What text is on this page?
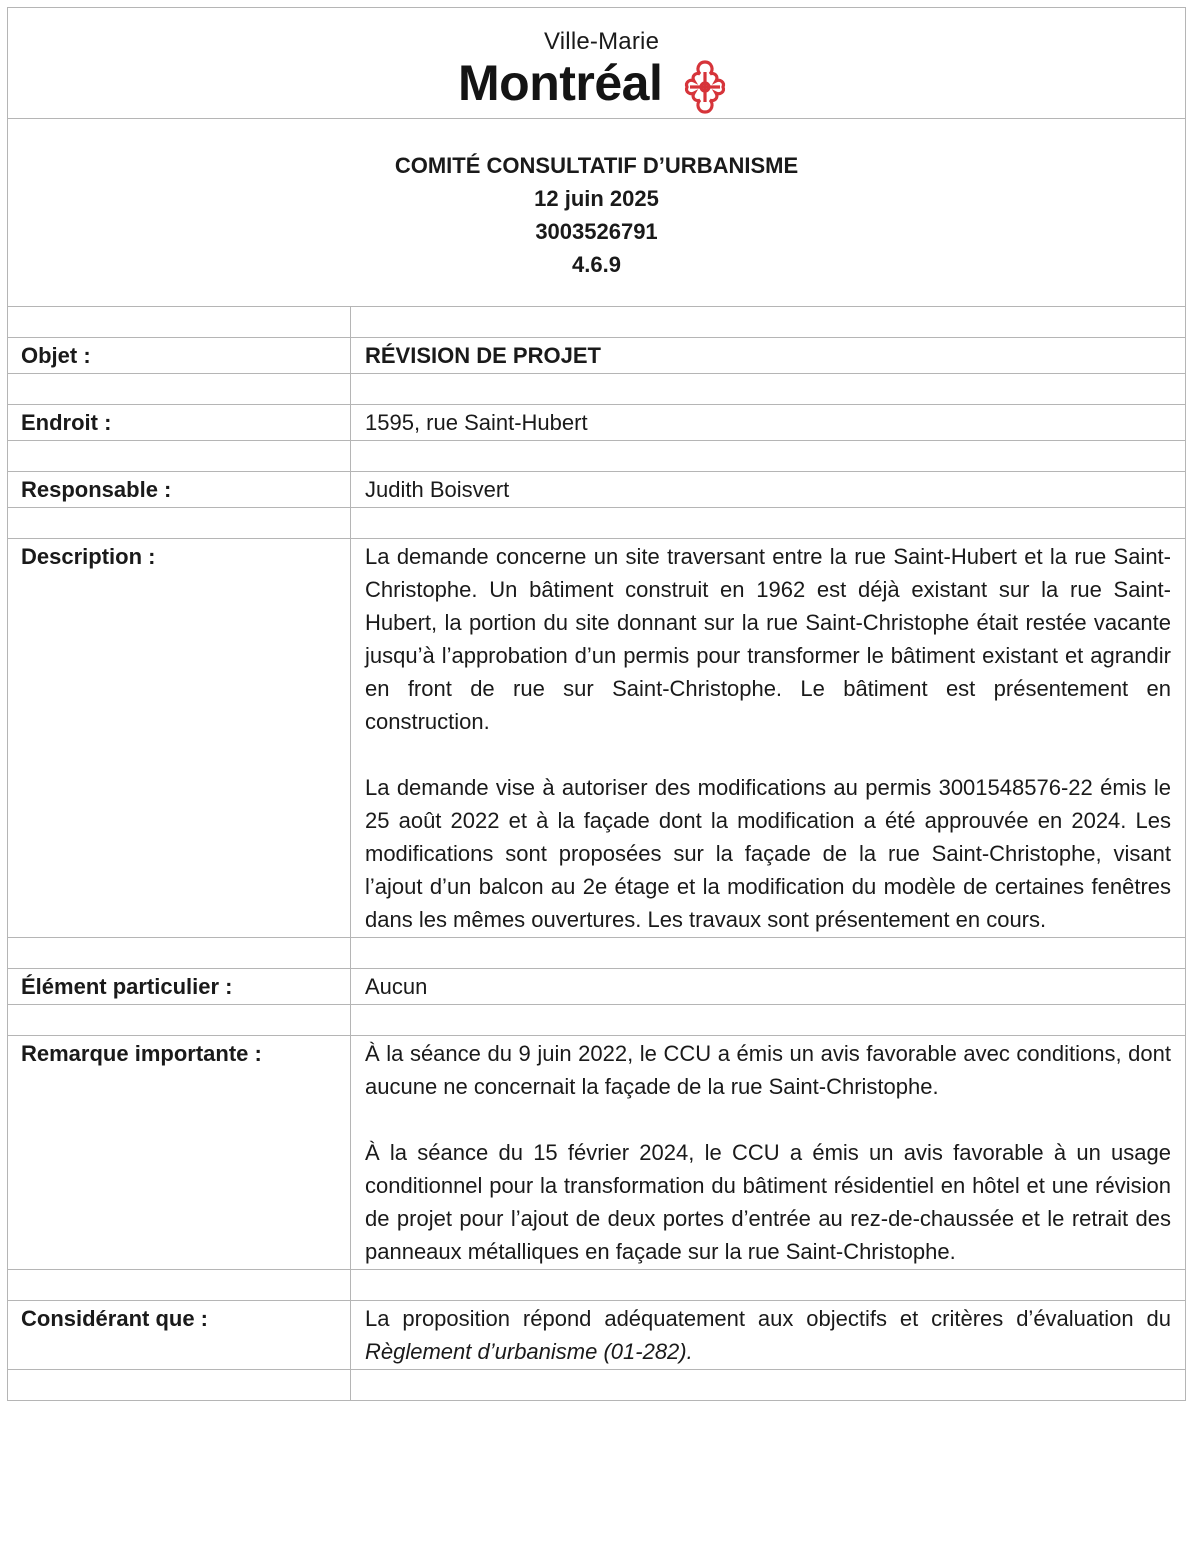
Ville-Marie
Montréal
COMITÉ CONSULTATIF D’URBANISME
12 juin 2025
3003526791
4.6.9

Objet :	RÉVISION DE PROJET

Endroit :	1595, rue Saint-Hubert

Responsable :	Judith Boisvert

Description :	La demande concerne un site traversant entre la rue Saint-Hubert et la rue Saint-Christophe. Un bâtiment construit en 1962 est déjà existant sur la rue Saint-Hubert, la portion du site donnant sur la rue Saint-Christophe était restée vacante jusqu’à l’approbation d’un permis pour transformer le bâtiment existant et agrandir en front de rue sur Saint-Christophe. Le bâtiment est présentement en construction.

La demande vise à autoriser des modifications au permis 3001548576-22 émis le 25 août 2022 et à la façade dont la modification a été approuvée en 2024. Les modifications sont proposées sur la façade de la rue Saint-Christophe, visant l’ajout d’un balcon au 2e étage et la modification du modèle de certaines fenêtres dans les mêmes ouvertures. Les travaux sont présentement en cours.

Élément particulier :	Aucun

Remarque importante :	À la séance du 9 juin 2022, le CCU a émis un avis favorable avec conditions, dont aucune ne concernait la façade de la rue Saint-Christophe.

À la séance du 15 février 2024, le CCU a émis un avis favorable à un usage conditionnel pour la transformation du bâtiment résidentiel en hôtel et une révision de projet pour l’ajout de deux portes d’entrée au rez-de-chaussée et le retrait des panneaux métalliques en façade sur la rue Saint-Christophe.

Considérant que :	La proposition répond adéquatement aux objectifs et critères d’évaluation du Règlement d’urbanisme (01-282).
